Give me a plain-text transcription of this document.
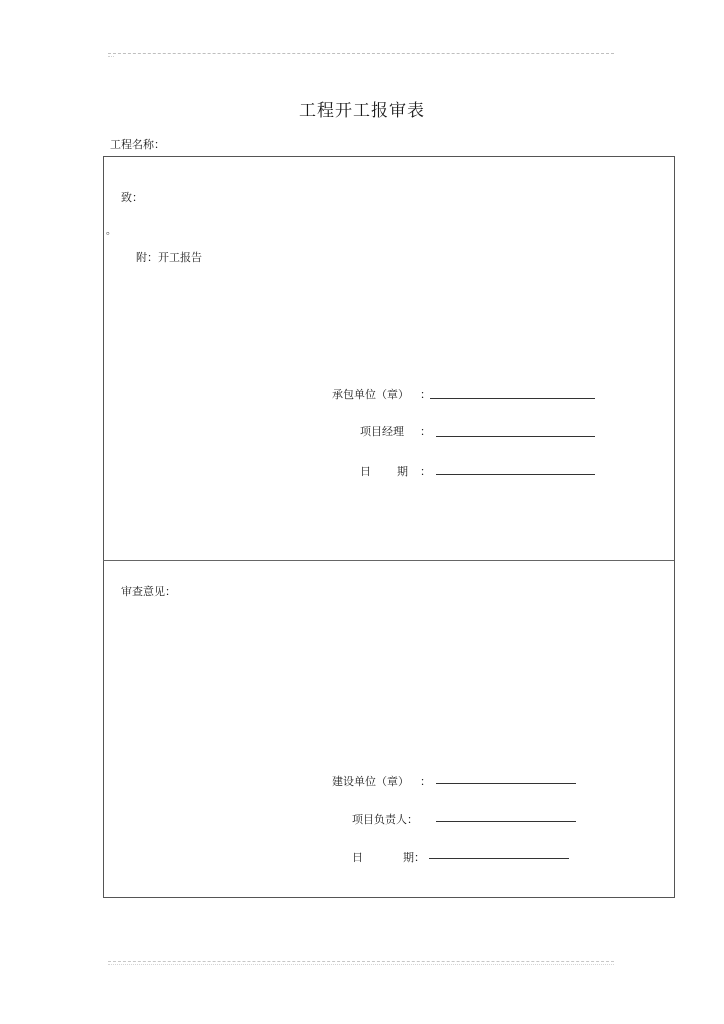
工程开工报审表
工程名称：
致：
。
附：开工报告
承包单位（章） ：
项目经理 ：
日 期 ：
审查意见：
建设单位（章） ：
项目负责人：
日	期：
